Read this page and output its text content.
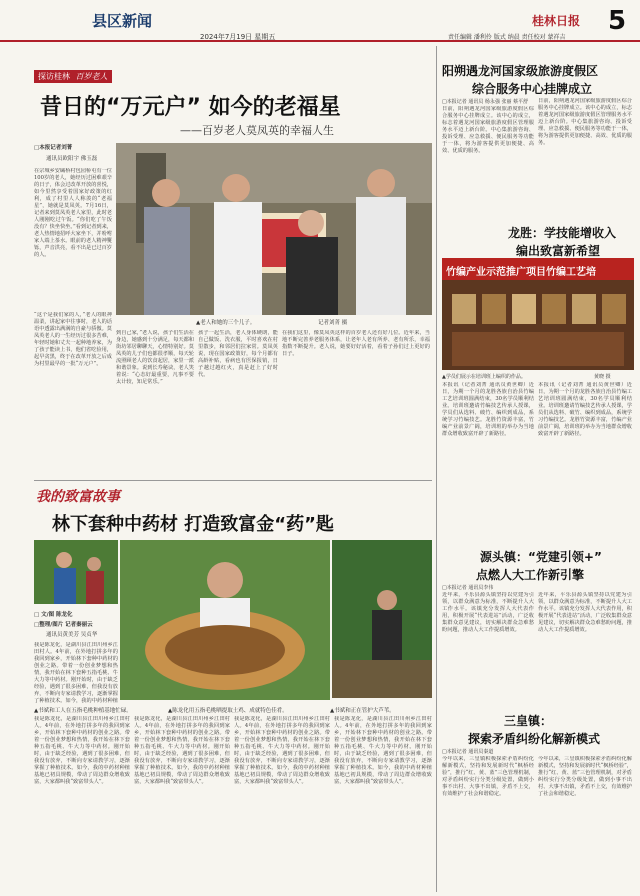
县区新闻
2024年7月19日 星期五
桂林日报 5
责任编辑 潘利伶 版式 纳晨 责任校对 蒙祥吉
探访桂林 百岁老人
昔日的“万元户” 如今的老福星
——百岁老人莫凤英的幸福人生
□本报记者刘菁
通讯员欧阳宇 佛玉磊
在宗城乡安碱桥村包园桥屯有一位100岁的老人，她经历过困难艰辛的日子，体会过改革开放的喜悦，如今里然享受着国家好政策的红利，成了村里人人称羡的“老福星”，她就是莫凤英。7月16日，记者来到莫凤英老人家里，此时老人刚刚吃过午饭。“你们吃了午饭没有？快坐快坐。”看到记者到来，老人热情地招呼大家坐下，并吩咐家人端上茶水。眼前的老人精神矍铄，声音洪亮，看不出是已过百岁的人。
▲老人和她的三个儿子。	记者刘菁 摄
“这个是我们家的人，”老人的眼神温柔，讲起家中往事时，老人的话语中透露出满满的自豪与骄傲。莫凤英老人的一生经历过很多苦难，年轻时她和丈夫一起种地养家，为了孩子能读上书，他们省吃俭用，起早贪黑，终于在改革开放之后成为村里最早的一批“万元户”。
到自己家，”老人说，孩子们生活在身边，她感到十分满足，每天都和街坊邻居聊聊天，心情特别好。莫凤英的儿子们也都很孝顺，每天轮流照顾老人的饮食起居，家里一派和谐景象。说到长寿秘诀，老人笑着说：“心态好最重要，凡事不要太计较，知足常乐。”
孩子一起生活，老人身体硬朗，能自己做饭、洗衣服，平时喜欢在村里散步，和邻居们拉家常。莫凤英说，现在国家政策好，每个月都有高龄补贴，看病也有医保报销，日子越过越红火，真是赶上了好时代。
在我们这里，像莫凤英这样的百岁老人还有好几位。近年来，当地不断完善养老服务体系，让老年人老有所养、老有所乐，幸福指数不断提升。老人说，她要好好活着，看着子孙们过上更好的日子。
我的致富故事
林下套种中药材 打造致富金“药”匙
□ 文/图 陈龙化
□整理/图片 记者秦丽云
通讯员黄美芳 吴贞华
我是陈龙化，是湖川县江田川州乡江田村人。4年前，在外地打拼多年的我回到家乡，开始林下套种中药材的创业之路。带着一份创业梦想和热情，我开始在林下套种五指毛桃、牛大力等中药材。刚开始时，由于缺乏经验，遇到了很多困难，但我没有放弃，不断向专家请教学习，逐渐掌握了种植技术。如今，我的中药材种植
▲书斌和工人在五指毛桃种植基地忙碌。	▲陈龙化用五指毛桃晒提取土鸡、成就特色佳肴。	▲书斌和正在管护大芦苇。
我是陈龙化，是湖川县江田川州乡江田村人。4年前，在外地打拼多年的我回到家乡，开始林下套种中药材的创业之路。带着一份创业梦想和热情，我开始在林下套种五指毛桃、牛大力等中药材。刚开始时，由于缺乏经验，遇到了很多困难，但我没有放弃，不断向专家请教学习，逐渐掌握了种植技术。如今，我的中药材种植基地已初具规模，带动了周边群众增收致富，大家都叫我“致富带头人”。
我是陈龙化，是湖川县江田川州乡江田村人。4年前，在外地打拼多年的我回到家乡，开始林下套种中药材的创业之路。带着一份创业梦想和热情，我开始在林下套种五指毛桃、牛大力等中药材。刚开始时，由于缺乏经验，遇到了很多困难，但我没有放弃，不断向专家请教学习，逐渐掌握了种植技术。如今，我的中药材种植基地已初具规模，带动了周边群众增收致富，大家都叫我“致富带头人”。
我是陈龙化，是湖川县江田川州乡江田村人。4年前，在外地打拼多年的我回到家乡，开始林下套种中药材的创业之路。带着一份创业梦想和热情，我开始在林下套种五指毛桃、牛大力等中药材。刚开始时，由于缺乏经验，遇到了很多困难，但我没有放弃，不断向专家请教学习，逐渐掌握了种植技术。如今，我的中药材种植基地已初具规模，带动了周边群众增收致富，大家都叫我“致富带头人”。
我是陈龙化，是湖川县江田川州乡江田村人。4年前，在外地打拼多年的我回到家乡，开始林下套种中药材的创业之路。带着一份创业梦想和热情，我开始在林下套种五指毛桃、牛大力等中药材。刚开始时，由于缺乏经验，遇到了很多困难，但我没有放弃，不断向专家请教学习，逐渐掌握了种植技术。如今，我的中药材种植基地已初具规模，带动了周边群众增收致富，大家都叫我“致富带头人”。
阳朔遇龙河国家级旅游度假区
综合服务中心挂牌成立
□本报记者 通讯员 杨永强 张丽 蔡平舒
日前，阳朔遇龙河国家级旅游度假区综合服务中心挂牌成立。该中心的成立，标志着遇龙河国家级旅游度假区管理服务水平迈上新台阶。中心集旅游咨询、投诉受理、应急救援、便民服务等功能于一体，将为游客提供更加便捷、高效、优质的服务。
日前，阳朔遇龙河国家级旅游度假区综合服务中心挂牌成立。该中心的成立，标志着遇龙河国家级旅游度假区管理服务水平迈上新台阶。中心集旅游咨询、投诉受理、应急救援、便民服务等功能于一体，将为游客提供更加便捷、高效、优质的服务。
龙胜：学技能增收入
编出致富新希望
竹编产业示范推广项目竹编工艺培
▲学员们展示在培训班上编织的作品。	黄晓 摄
本报讯（记者刘菁 通讯员黄世卿）近日，为期一个月的龙胜各族自治县竹编工艺培训班圆满结束，30名学员顺利结业。培训班邀请竹编技艺传承人授课，学员们从选料、破竹、编织到成品，系统学习竹编技艺。龙胜竹资源丰富，竹编产业前景广阔，培训班的举办为当地群众增收致富开辟了新路径。
本报讯（记者刘菁 通讯员黄世卿）近日，为期一个月的龙胜各族自治县竹编工艺培训班圆满结束，30名学员顺利结业。培训班邀请竹编技艺传承人授课，学员们从选料、破竹、编织到成品，系统学习竹编技艺。龙胜竹资源丰富，竹编产业前景广阔，培训班的举办为当地群众增收致富开辟了新路径。
源头镇：“党建引领+”
点燃人大工作新引擎
□本报记者 通讯员李伟
近年来，平乐县源头镇坚持以党建为引领，以群众满意为标准，不断提升人大工作水平。该镇充分发挥人大代表作用，积极开展“代表进站”活动，广泛收集群众意见建议，切实解决群众急难愁盼问题，推动人大工作提质增效。
近年来，平乐县源头镇坚持以党建为引领，以群众满意为标准，不断提升人大工作水平。该镇充分发挥人大代表作用，积极开展“代表进站”活动，广泛收集群众意见建议，切实解决群众急难愁盼问题，推动人大工作提质增效。
三皇镇：
探索矛盾纠纷化解新模式
□本报记者 通讯员秦道
今年以来，三皇镇积极探索矛盾纠纷化解新模式，坚持和发展新时代“枫桥经验”，推行“红、黄、蓝”三色管理机制，对矛盾纠纷实行分类分级处置，做到小事不出村、大事不出镇，矛盾不上交，有效维护了社会和谐稳定。
今年以来，三皇镇积极探索矛盾纠纷化解新模式，坚持和发展新时代“枫桥经验”，推行“红、黄、蓝”三色管理机制，对矛盾纠纷实行分类分级处置，做到小事不出村、大事不出镇，矛盾不上交，有效维护了社会和谐稳定。
